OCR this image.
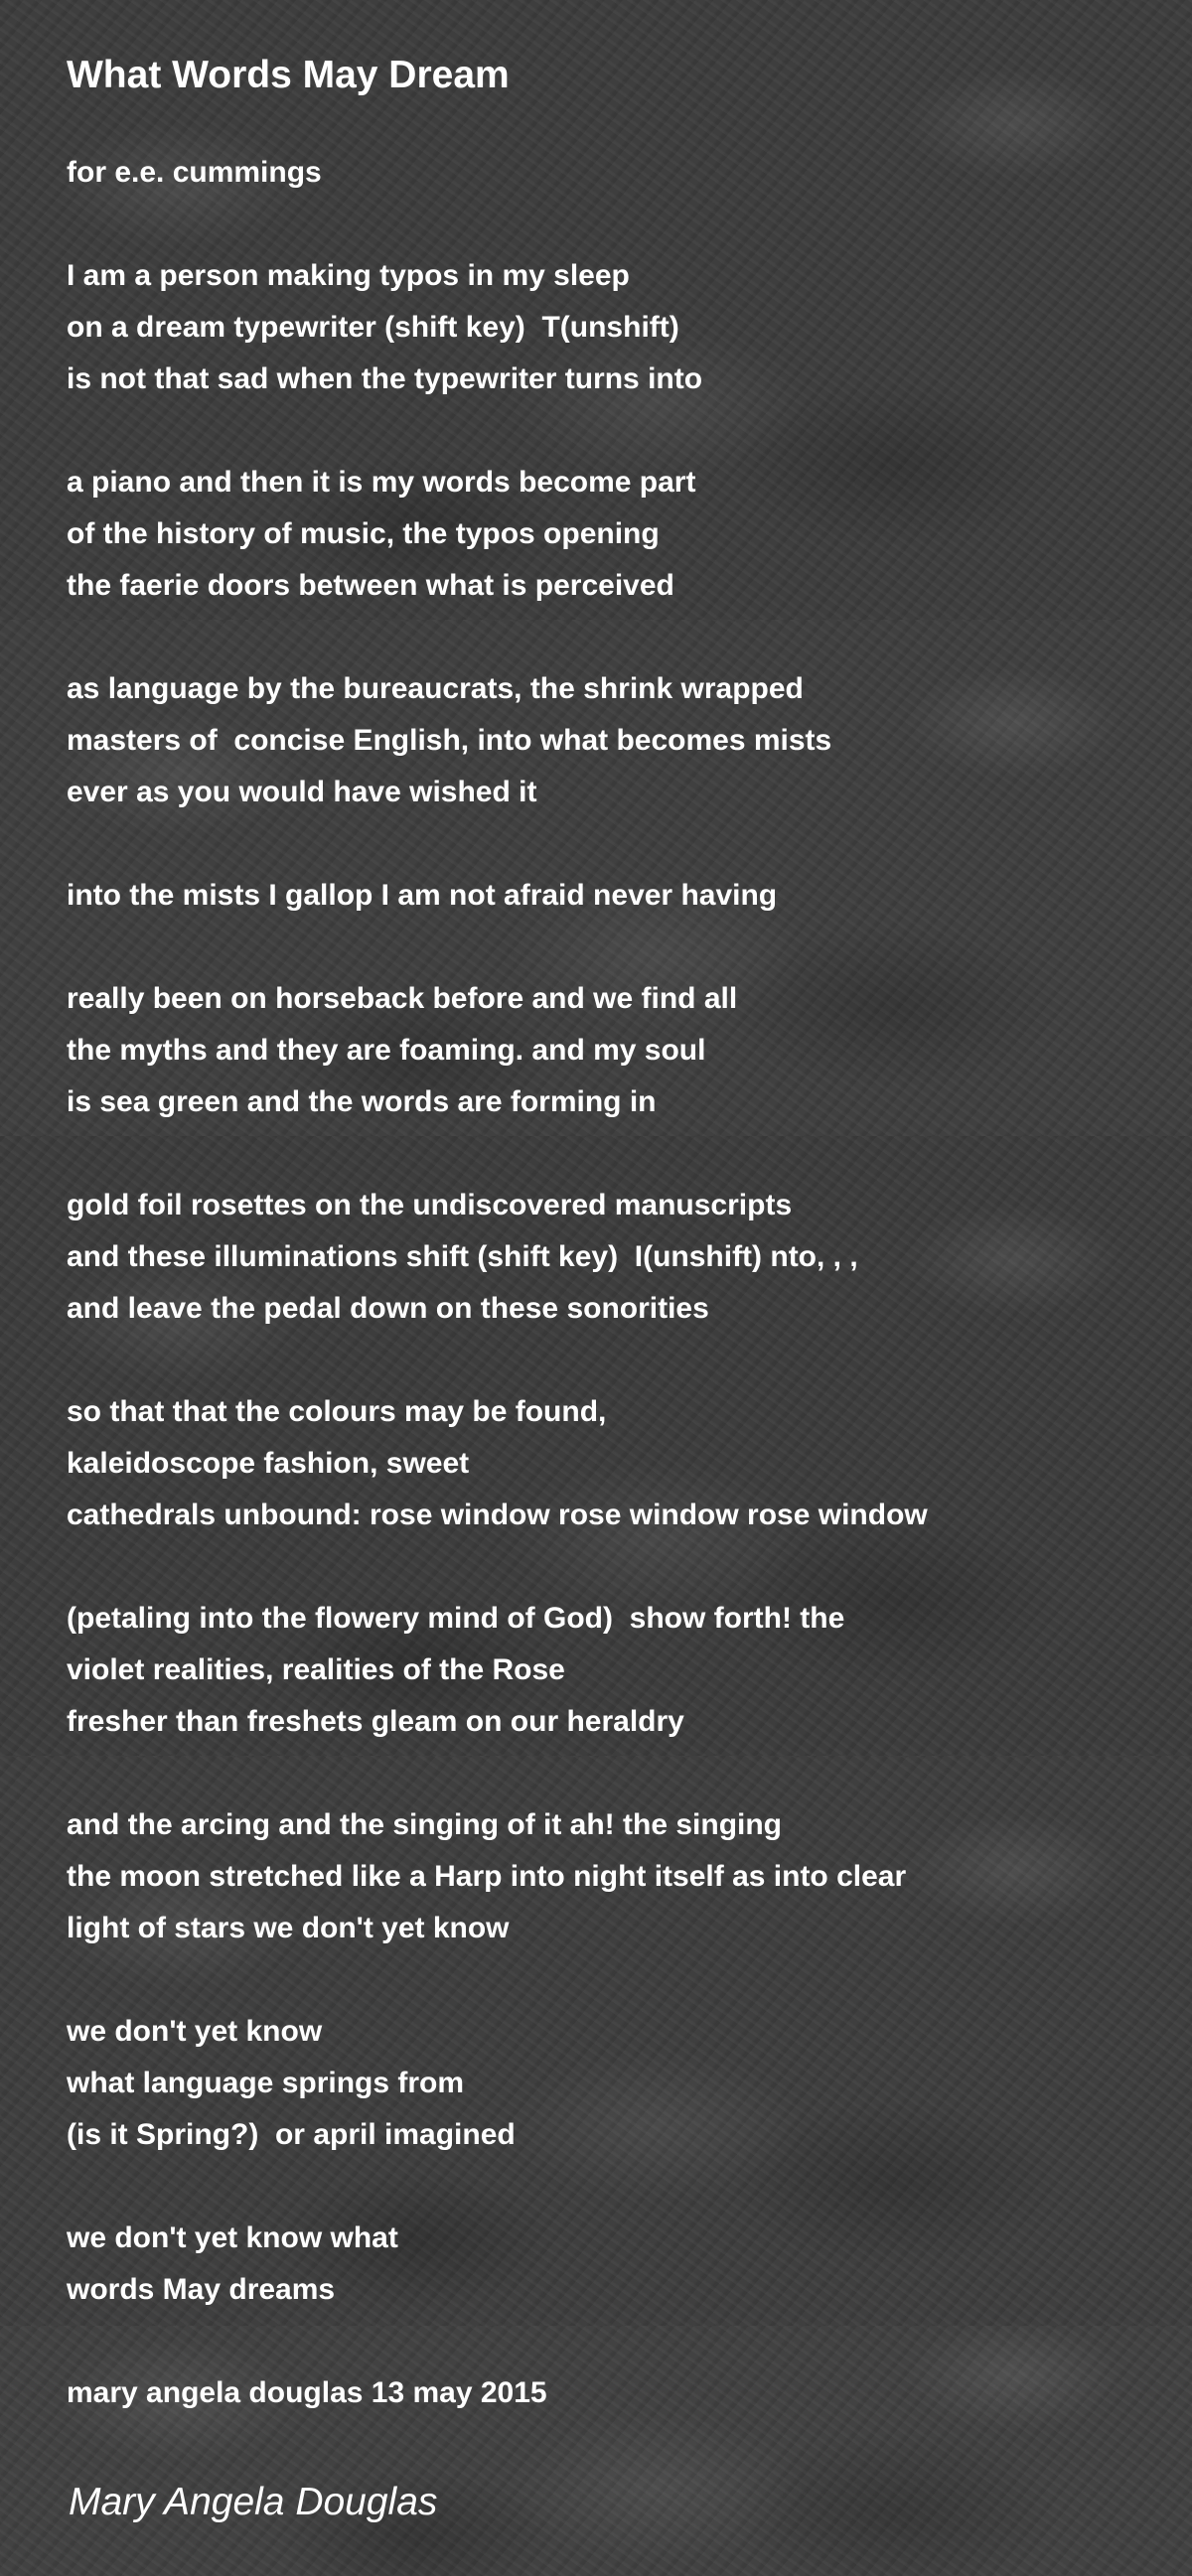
What Words May Dream
for e.e. cummings
I am a person making typos in my sleep
on a dream typewriter (shift key)  T(unshift)
is not that sad when the typewriter turns into
a piano and then it is my words become part
of the history of music, the typos opening
the faerie doors between what is perceived
as language by the bureaucrats, the shrink wrapped
masters of  concise English, into what becomes mists
ever as you would have wished it
into the mists I gallop I am not afraid never having
really been on horseback before and we find all
the myths and they are foaming. and my soul
is sea green and the words are forming in
gold foil rosettes on the undiscovered manuscripts
and these illuminations shift (shift key)  I(unshift) nto, , ,
and leave the pedal down on these sonorities
so that that the colours may be found,
kaleidoscope fashion, sweet
cathedrals unbound: rose window rose window rose window
(petaling into the flowery mind of God)  show forth! the
violet realities, realities of the Rose
fresher than freshets gleam on our heraldry
and the arcing and the singing of it ah! the singing
the moon stretched like a Harp into night itself as into clear
light of stars we don't yet know
we don't yet know
what language springs from
(is it Spring?)  or april imagined
we don't yet know what
words May dreams
mary angela douglas 13 may 2015
Mary Angela Douglas
